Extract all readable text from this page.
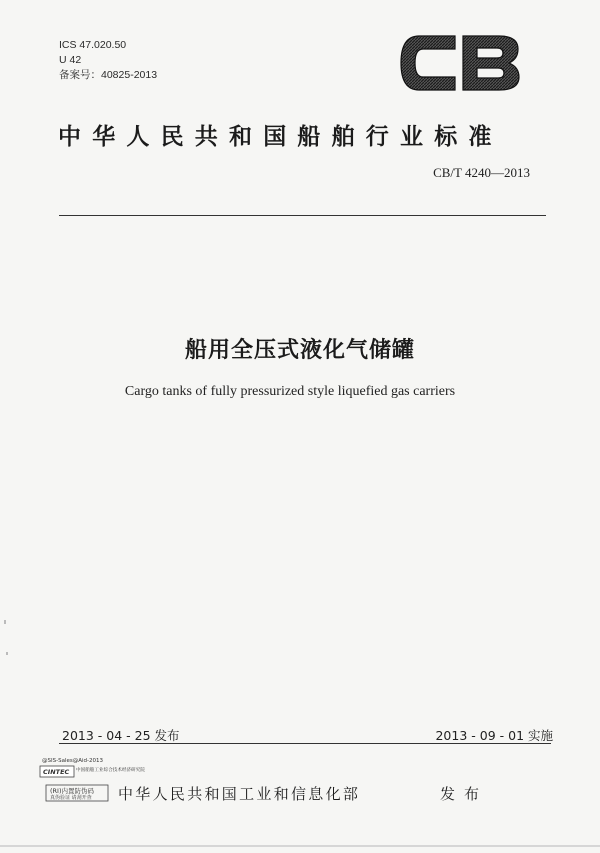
ICS 47.020.50
U 42
备案号：40825-2013
中华人民共和国船舶行业标准
CB/T 4240—2013
船用全压式液化气储罐
Cargo tanks of fully pressurized style liquefied gas carriers
2013 - 04 - 25 发布	2013 - 09 - 01 实施
@SIS-Sales@Aid-2013
CINTEC 中国船舶工业综合技术经济研究院
(RI)内置防伪码
真伪验证 请刮开查 中华人民共和国工业和信息化部	发布
